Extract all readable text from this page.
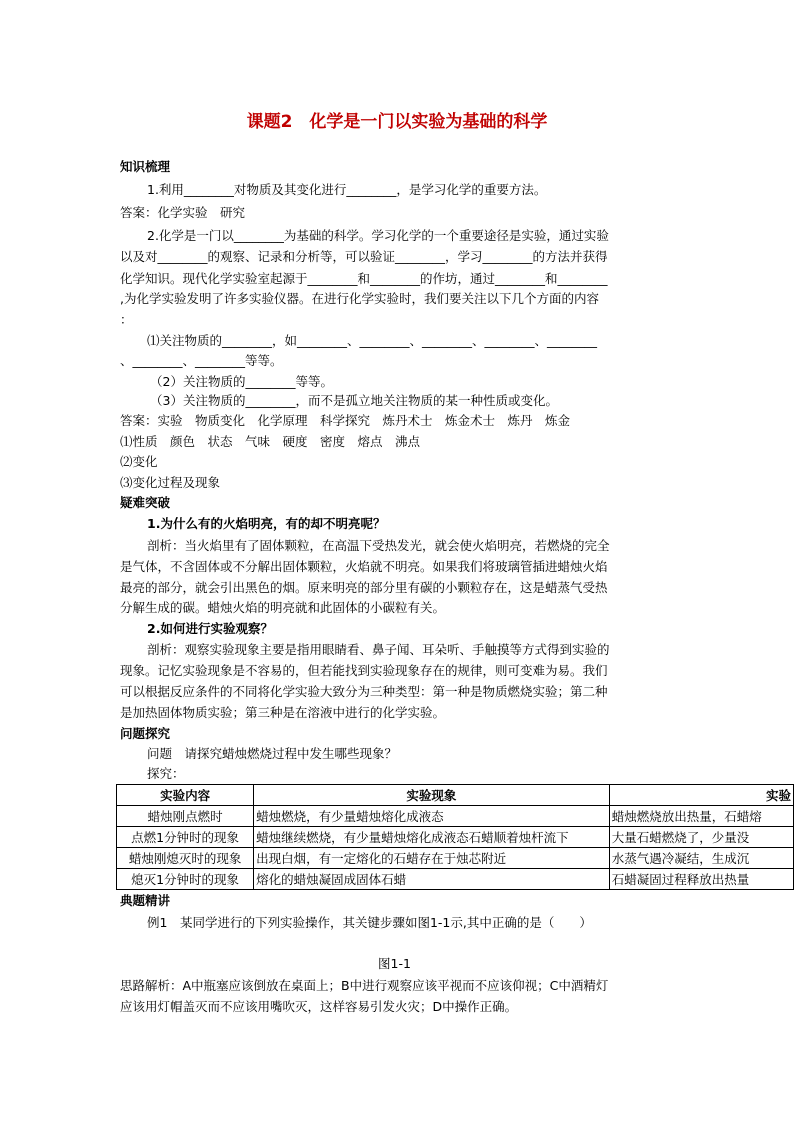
课题2　化学是一门以实验为基础的科学
知识梳理
1.利用________对物质及其变化进行________，是学习化学的重要方法。
答案：化学实验　研究
2.化学是一门以________为基础的科学。学习化学的一个重要途径是实验，通过实验
以及对________的观察、记录和分析等，可以验证________，学习________的方法并获得
化学知识。现代化学实验室起源于________和________的作坊，通过________和________
,为化学实验发明了许多实验仪器。在进行化学实验时，我们要关注以下几个方面的内容
：
⑴关注物质的________，如________、________、________、________、________
、________、________等等。
（2）关注物质的________等等。
（3）关注物质的________，而不是孤立地关注物质的某一种性质或变化。
答案：实验　物质变化　化学原理　科学探究　炼丹术士　炼金术士　炼丹　炼金
⑴性质　颜色　状态　气味　硬度　密度　熔点　沸点
⑵变化
⑶变化过程及现象
疑难突破
1.为什么有的火焰明亮，有的却不明亮呢？
剖析：当火焰里有了固体颗粒，在高温下受热发光，就会使火焰明亮，若燃烧的完全
是气体，不含固体或不分解出固体颗粒，火焰就不明亮。如果我们将玻璃管插进蜡烛火焰
最亮的部分，就会引出黑色的烟。原来明亮的部分里有碳的小颗粒存在，这是蜡蒸气受热
分解生成的碳。蜡烛火焰的明亮就和此固体的小碳粒有关。
2.如何进行实验观察？
剖析：观察实验现象主要是指用眼睛看、鼻子闻、耳朵听、手触摸等方式得到实验的
现象。记忆实验现象是不容易的，但若能找到实验现象存在的规律，则可变难为易。我们
可以根据反应条件的不同将化学实验大致分为三种类型：第一种是物质燃烧实验；第二种
是加热固体物质实验；第三种是在溶液中进行的化学实验。
问题探究
问题　请探究蜡烛燃烧过程中发生哪些现象？
探究：
实验内容	实验现象	实验
蜡烛刚点燃时	蜡烛燃烧，有少量蜡烛熔化成液态	蜡烛燃烧放出热量，石蜡熔
点燃1分钟时的现象	蜡烛继续燃烧，有少量蜡烛熔化成液态石蜡顺着烛杆流下	大量石蜡燃烧了，少量没
蜡烛刚熄灭时的现象	出现白烟，有一定熔化的石蜡存在于烛芯附近	水蒸气遇冷凝结，生成沉
熄灭1分钟时的现象	熔化的蜡烛凝固成固体石蜡	石蜡凝固过程释放出热量
典题精讲
例1　某同学进行的下列实验操作，其关键步骤如图1-1示,其中正确的是（　　）
图1-1
思路解析：A中瓶塞应该倒放在桌面上；B中进行观察应该平视而不应该仰视；C中酒精灯
应该用灯帽盖灭而不应该用嘴吹灭，这样容易引发火灾；D中操作正确。
